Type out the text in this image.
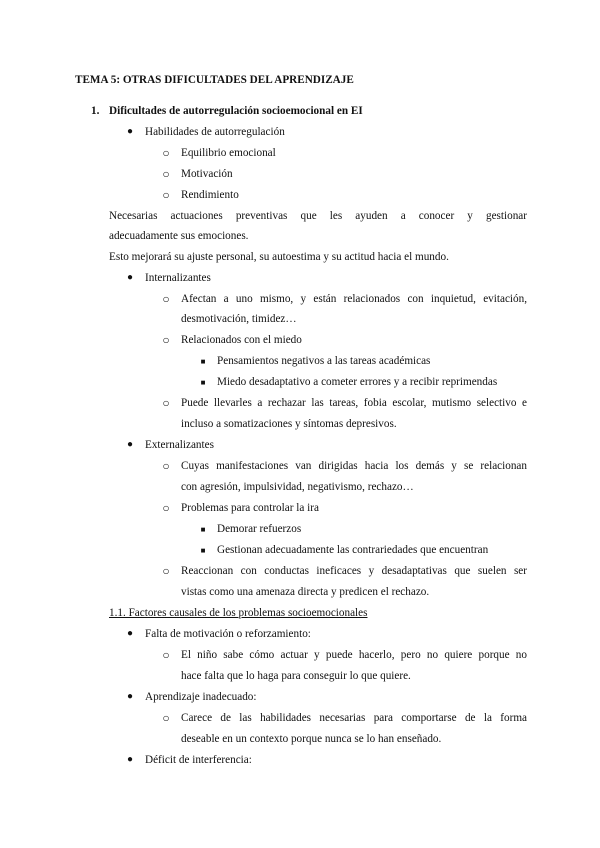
TEMA 5: OTRAS DIFICULTADES DEL APRENDIZAJE
1. Dificultades de autorregulación socioemocional en EI
●	Habilidades de autorregulación
○	Equilibrio emocional
○	Motivación
○	Rendimiento
Necesarias actuaciones preventivas que les ayuden a conocer y gestionar
adecuadamente sus emociones.
Esto mejorará su ajuste personal, su autoestima y su actitud hacia el mundo.
●	Internalizantes
○	Afectan a uno mismo, y están relacionados con inquietud, evitación,
desmotivación, timidez…
○	Relacionados con el miedo
■	Pensamientos negativos a las tareas académicas
■	Miedo desadaptativo a cometer errores y a recibir reprimendas
○	Puede llevarles a rechazar las tareas, fobia escolar, mutismo selectivo e
incluso a somatizaciones y síntomas depresivos.
●	Externalizantes
○	Cuyas manifestaciones van dirigidas hacia los demás y se relacionan
con agresión, impulsividad, negativismo, rechazo…
○	Problemas para controlar la ira
■	Demorar refuerzos
■	Gestionan adecuadamente las contrariedades que encuentran
○	Reaccionan con conductas ineficaces y desadaptativas que suelen ser
vistas como una amenaza directa y predicen el rechazo.
1.1. Factores causales de los problemas socioemocionales
●	Falta de motivación o reforzamiento:
○	El niño sabe cómo actuar y puede hacerlo, pero no quiere porque no
hace falta que lo haga para conseguir lo que quiere.
●	Aprendizaje inadecuado:
○	Carece de las habilidades necesarias para comportarse de la forma
deseable en un contexto porque nunca se lo han enseñado.
●	Déficit de interferencia:
